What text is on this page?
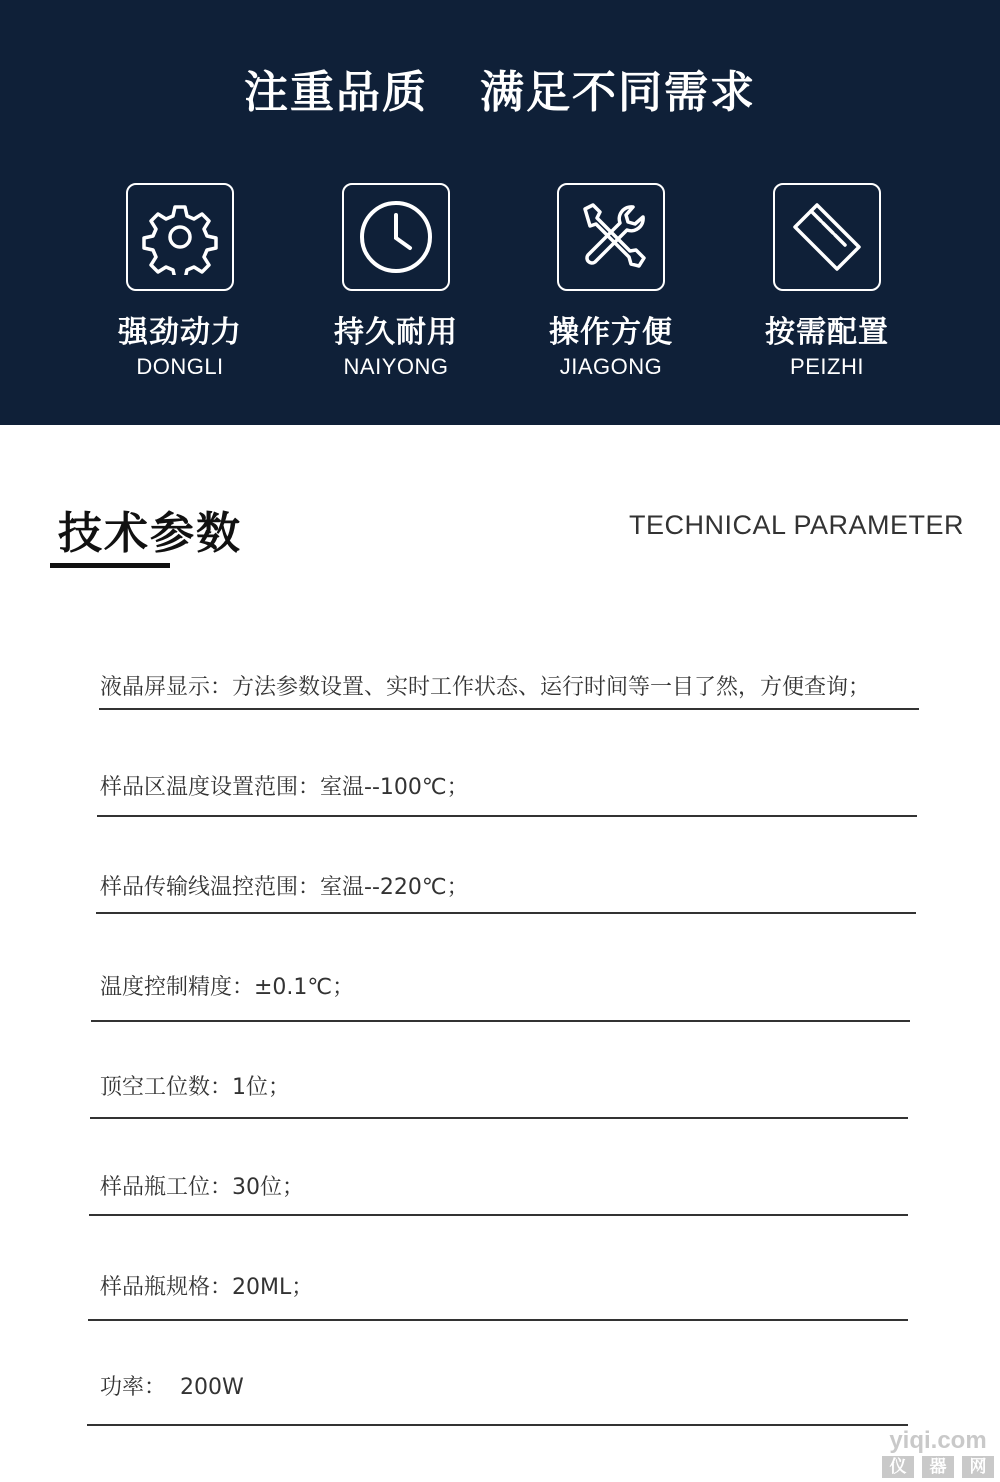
注重品质   满足不同需求
强劲动力
DONGLI
持久耐用
NAIYONG
操作方便
JIAGONG
按需配置
PEIZHI
技术参数	TECHNICAL PARAMETER
液晶屏显示：方法参数设置、实时工作状态、运行时间等一目了然，方便查询；
样品区温度设置范围：室温--100℃；
样品传输线温控范围：室温--220℃；
温度控制精度：±0.1℃；
顶空工位数：1位；
样品瓶工位：30位；
样品瓶规格：20ML；
功率：  200W
yiqi.com
仪	器	网
